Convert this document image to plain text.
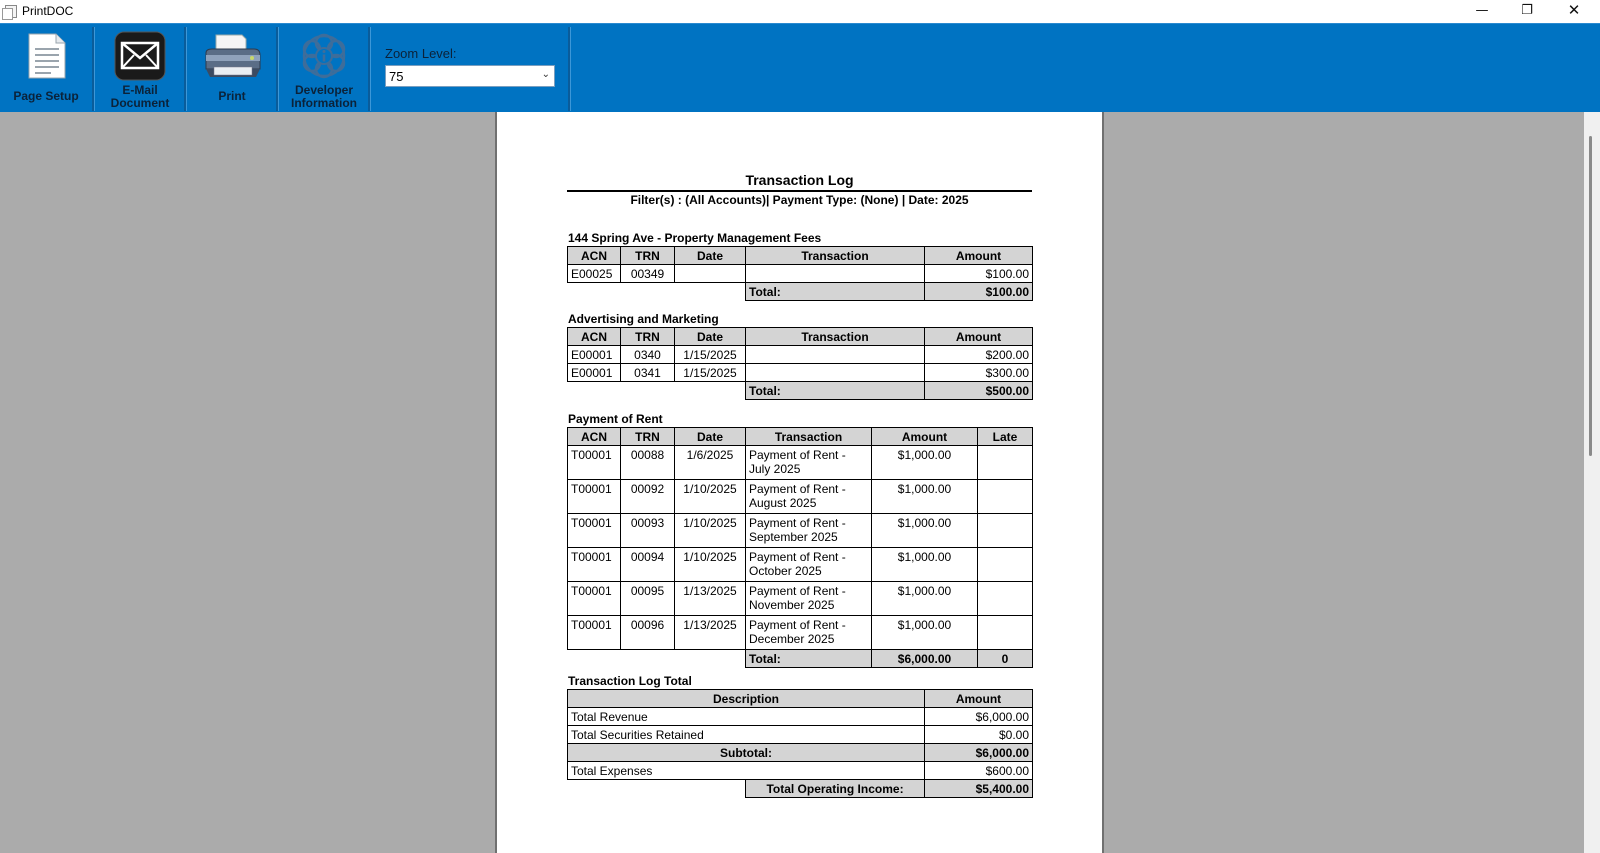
PrintDOC	—	❐	✕
Page Setup	E-Mail
Document	Print	Developer
Information
Zoom Level:
75	⌄
Transaction Log
Filter(s) : (All Accounts)| Payment Type: (None) | Date: 2025
144 Spring Ave - Property Management Fees
ACN	TRN	Date	Transaction	Amount
E00025	00349			$100.00
			Total:	$100.00
Advertising and Marketing
ACN	TRN	Date	Transaction	Amount
E00001	0340	1/15/2025		$200.00
E00001	0341	1/15/2025		$300.00
			Total:	$500.00
Payment of Rent
ACN	TRN	Date	Transaction	Amount	Late
T00001	00088	1/6/2025	Payment of Rent - July 2025	$1,000.00	
T00001	00092	1/10/2025	Payment of Rent - August 2025	$1,000.00	
T00001	00093	1/10/2025	Payment of Rent - September 2025	$1,000.00	
T00001	00094	1/10/2025	Payment of Rent - October 2025	$1,000.00	
T00001	00095	1/13/2025	Payment of Rent - November 2025	$1,000.00	
T00001	00096	1/13/2025	Payment of Rent - December 2025	$1,000.00	
			Total:	$6,000.00	0
Transaction Log Total
Description		Amount
Total Revenue		$6,000.00
Total Securities Retained		$0.00
Subtotal:		$6,000.00
Total Expenses		$600.00
	Total Operating Income:	$5,400.00
